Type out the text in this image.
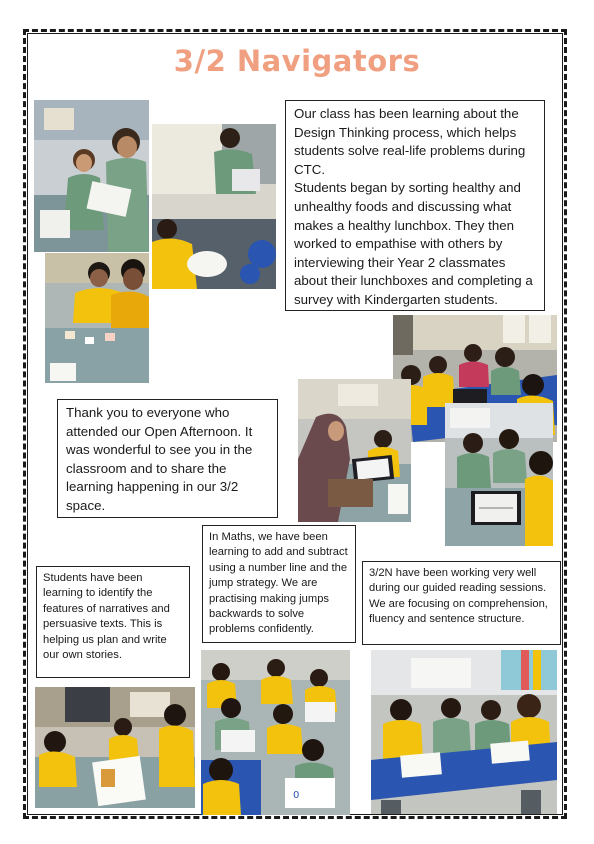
3/2 Navigators
Our class has been learning about the Design Thinking process, which helps students solve real-life problems during CTC.
Students began by sorting healthy and unhealthy foods and discussing what makes a healthy lunchbox. They then worked to empathise with others by interviewing their Year 2 classmates about their lunchboxes and completing a survey with Kindergarten students.
Thank you to everyone who attended our Open Afternoon. It was wonderful to see you in the classroom and to share the learning happening in our 3/2 space.
In Maths, we have been learning to add and subtract using a number line and the jump strategy. We are practising making jumps backwards to solve problems confidently.
Students have been learning to identify the features of narratives and persuasive texts. This is helping us plan and write our own stories.
3/2N have been working very well during our guided reading sessions. We are focusing on comprehension, fluency and sentence structure.
0
